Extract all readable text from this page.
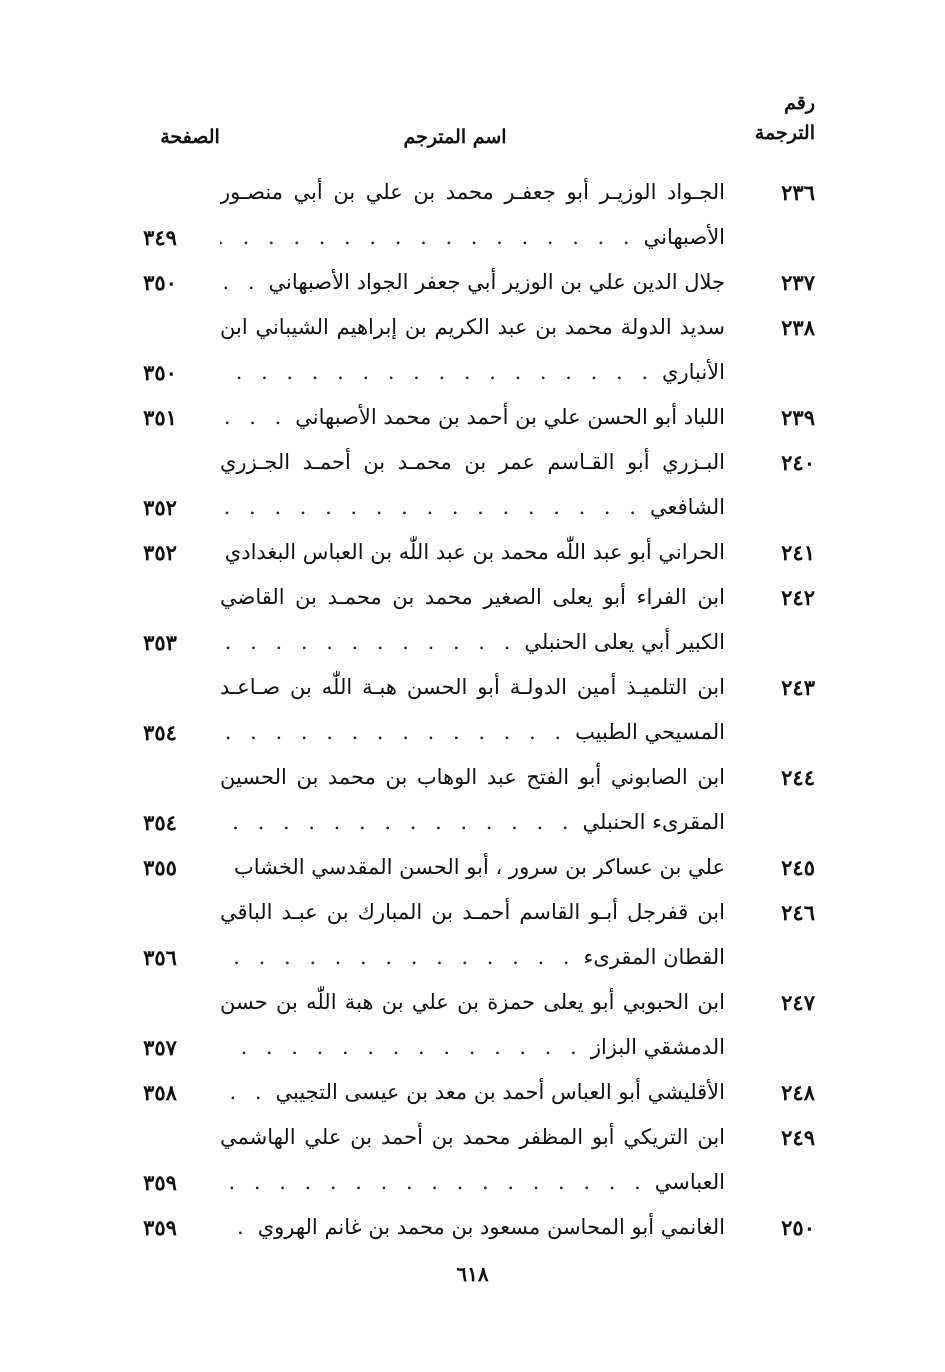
رقم
الترجمة
اسم المترجم
الصفحة
٢٣٦
الجـواد الوزيـر أبو جعفـر محمد بن علي بن أبي منصـور
الأصبهاني
. . .
٣٤٩
٢٣٧
جلال الدين علي بن الوزير أبي جعفر الجواد الأصبهاني
. . .
٣٥٠
٢٣٨
سديد الدولة محمد بن عبد الكريم بن إبراهيم الشيباني ابن
الأنباري
. . .
٣٥٠
٢٣٩
اللباد أبو الحسن علي بن أحمد بن محمد الأصبهاني
. . .
٣٥١
٢٤٠
البـزري أبو القـاسم عمر بن محمـد بن أحمـد الجـزري
الشافعي
. . .
٣٥٢
٢٤١
الحراني أبو عبد اللّٰه محمد بن عبد اللّٰه بن العباس البغدادي
٣٥٢
٢٤٢
ابن الفراء أبو يعلى الصغير محمد بن محمـد بن القاضي
الكبير أبي يعلى الحنبلي
. . .
٣٥٣
٢٤٣
ابن التلميـذ أمين الدولـة أبو الحسن هبـة اللّٰه بن صـاعـد
المسيحي الطبيب
. . .
٣٥٤
٢٤٤
ابن الصابوني أبو الفتح عبد الوهاب بن محمد بن الحسين
المقرىء الحنبلي
. . .
٣٥٤
٢٤٥
علي بن عساكر بن سرور ، أبو الحسن المقدسي الخشاب
. . .
٣٥٥
٢٤٦
ابن قفرجل أبـو القاسم أحمـد بن المبارك بن عبـد الباقي
القطان المقرىء
. . .
٣٥٦
٢٤٧
ابن الحبوبي أبو يعلى حمزة بن علي بن هبة اللّٰه بن حسن
الدمشقي البزاز
. . .
٣٥٧
٢٤٨
الأقليشي أبو العباس أحمد بن معد بن عيسى التجيبي
. . .
٣٥٨
٢٤٩
ابن التريكي أبو المظفر محمد بن أحمد بن علي الهاشمي
العباسي
. . .
٣٥٩
٢٥٠
الغانمي أبو المحاسن مسعود بن محمد بن غانم الهروي
. . .
٣٥٩
٦١٨
